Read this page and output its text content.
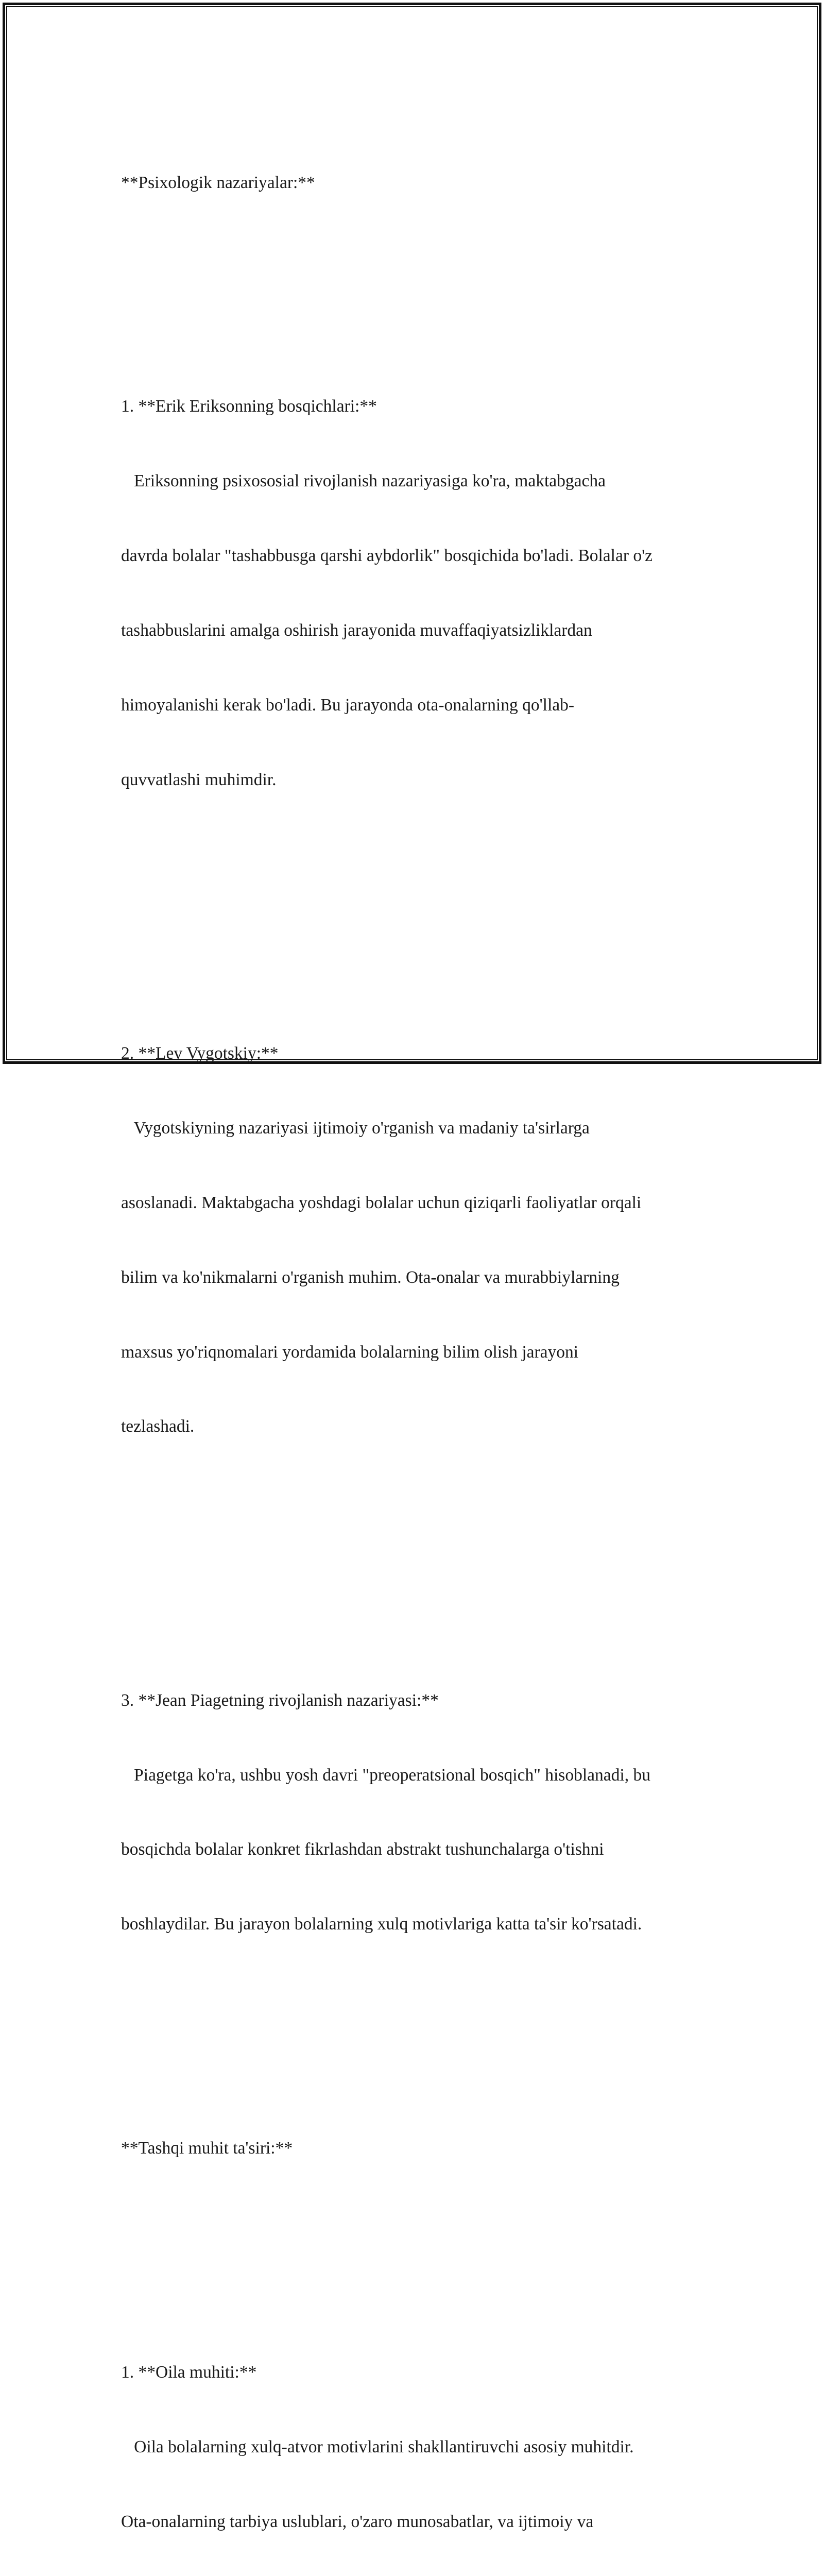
**Psixologik nazariyalar:**

1. **Erik Eriksonning bosqichlari:**

Eriksonning psixososial rivojlanish nazariyasiga ko'ra, maktabgacha

davrda bolalar "tashabbusga qarshi aybdorlik" bosqichida bo'ladi. Bolalar o'z

tashabbuslarini amalga oshirish jarayonida muvaffaqiyatsizliklardan

himoyalanishi kerak bo'ladi. Bu jarayonda ota-onalarning qo'llab-

quvvatlashi muhimdir.

2. **Lev Vygotskiy:**

Vygotskiyning nazariyasi ijtimoiy o'rganish va madaniy ta'sirlarga

asoslanadi. Maktabgacha yoshdagi bolalar uchun qiziqarli faoliyatlar orqali

bilim va ko'nikmalarni o'rganish muhim. Ota-onalar va murabbiylarning

maxsus yo'riqnomalari yordamida bolalarning bilim olish jarayoni

tezlashadi.

3. **Jean Piagetning rivojlanish nazariyasi:**

Piagetga ko'ra, ushbu yosh davri "preoperatsional bosqich" hisoblanadi, bu

bosqichda bolalar konkret fikrlashdan abstrakt tushunchalarga o'tishni

boshlaydilar. Bu jarayon bolalarning xulq motivlariga katta ta'sir ko'rsatadi.

**Tashqi muhit ta'siri:**

1. **Oila muhiti:**

Oila bolalarning xulq-atvor motivlarini shakllantiruvchi asosiy muhitdir.

Ota-onalarning tarbiya uslublari, o'zaro munosabatlar, va ijtimoiy va
